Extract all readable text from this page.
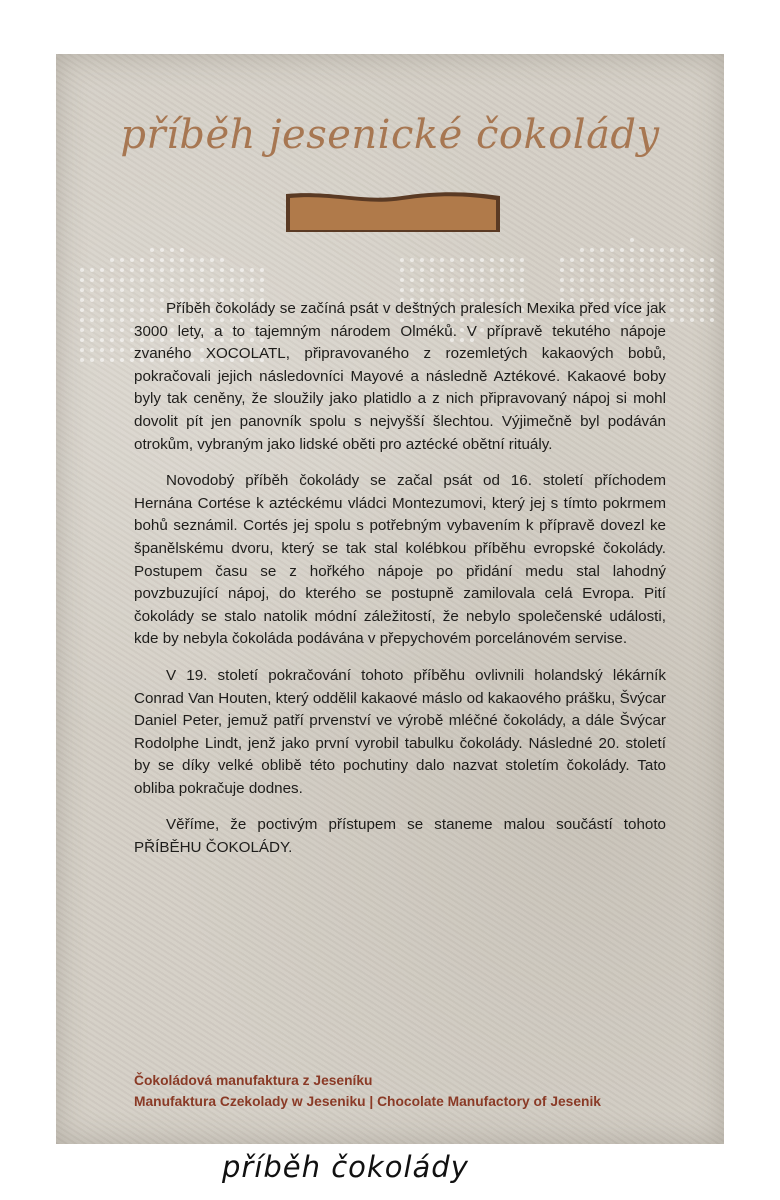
příběh jesenické čokolády

Příběh čokolády se začíná psát v deštných pralesích Mexika před více jak 3000 lety, a to tajemným národem Olméků. V přípravě tekutého nápoje zvaného XOCOLATL, připravovaného z rozemletých kakaových bobů, pokračovali jejich následovníci Mayové a následně Aztékové. Kakaové boby byly tak ceněny, že sloužily jako platidlo a z nich připravovaný nápoj si mohl dovolit pít jen panovník spolu s nejvyšší šlechtou. Výjimečně byl podáván otrokům, vybraným jako lidské oběti pro aztécké obětní rituály.

Novodobý příběh čokolády se začal psát od 16. století příchodem Hernána Cortése k aztéckému vládci Montezumovi, který jej s tímto pokrmem bohů seznámil. Cortés jej spolu s potřebným vybavením k přípravě dovezl ke španělskému dvoru, který se tak stal kolébkou příběhu evropské čokolády. Postupem času se z hořkého nápoje po přidání medu stal lahodný povzbuzující nápoj, do kterého se postupně zamilovala celá Evropa. Pití čokolády se stalo natolik módní záležitostí, že nebylo společenské události, kde by nebyla čokoláda podávána v přepychovém porcelánovém servise.

V 19. století pokračování tohoto příběhu ovlivnili holandský lékárník Conrad Van Houten, který oddělil kakaové máslo od kakaového prášku, Švýcar Daniel Peter, jemuž patří prvenství ve výrobě mléčné čokolády, a dále Švýcar Rodolphe Lindt, jenž jako první vyrobil tabulku čokolády. Následné 20. století by se díky velké oblibě této pochutiny dalo nazvat stoletím čokolády. Tato obliba pokračuje dodnes.

Věříme, že poctivým přístupem se staneme malou součástí tohoto PŘÍBĚHU ČOKOLÁDY.

Čokoládová manufaktura z Jeseníku
Manufaktura Czekolady w Jeseniku | Chocolate Manufactory of Jesenik
příběh čokolády
